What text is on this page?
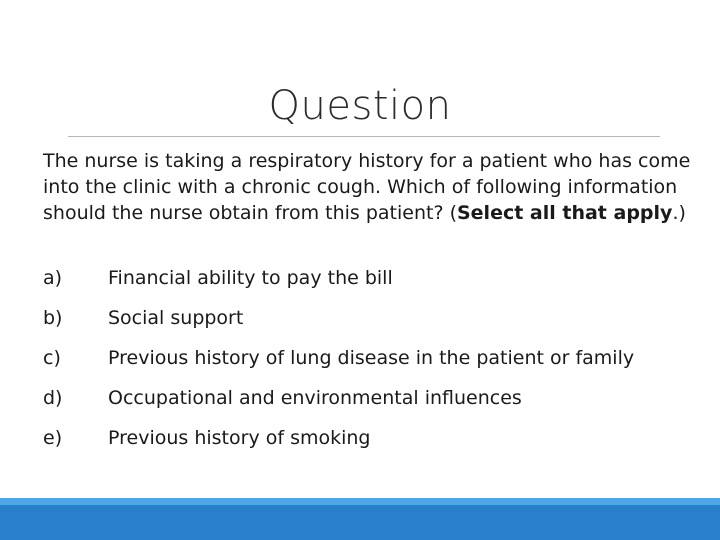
Question
The nurse is taking a respiratory history for a patient who has come into the clinic with a chronic cough. Which of following information should the nurse obtain from this patient? (Select all that apply.)
a)	Financial ability to pay the bill
b)	Social support
c)	Previous history of lung disease in the patient or family
d)	Occupational and environmental influences
e)	Previous history of smoking
